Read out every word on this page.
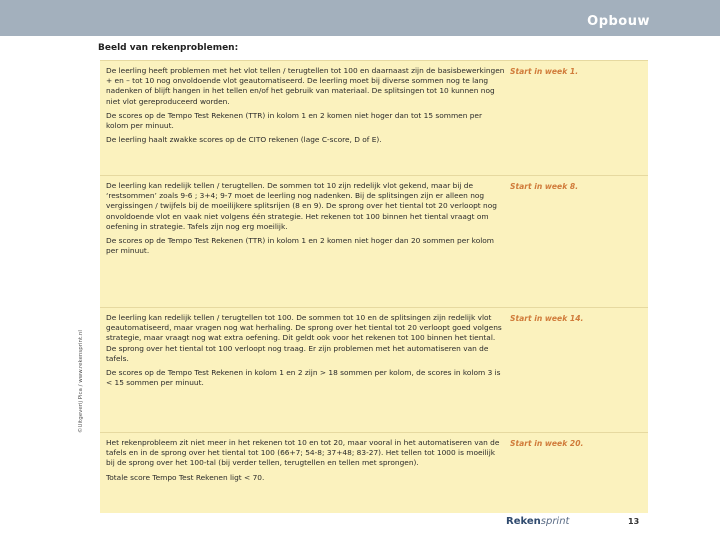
Opbouw
Beeld van rekenproblemen:

De leerling heeft problemen met het vlot tellen / terugtellen tot 100 en daarnaast zijn de basisbewerkingen + en – tot 10 nog onvoldoende vlot geautomatiseerd. De leerling moet bij diverse sommen nog te lang nadenken of blijft hangen in het tellen en/of het gebruik van materiaal. De splitsingen tot 10 kunnen nog niet vlot gereproduceerd worden.

De scores op de Tempo Test Rekenen (TTR) in kolom 1 en 2 komen niet hoger dan tot 15 sommen per kolom per minuut.

De leerling haalt zwakke scores op de CITO rekenen (lage C-score, D of E).

Start in week 1.

De leerling kan redelijk tellen / terugtellen. De sommen tot 10 zijn redelijk vlot gekend, maar bij de ‘restsommen’ zoals 9-6 ; 3+4; 9-7 moet de leerling nog nadenken. Bij de splitsingen zijn er alleen nog vergissingen / twijfels bij de moeilijkere splitsrijen (8 en 9). De sprong over het tiental tot 20 verloopt nog onvoldoende vlot en vaak niet volgens één strategie. Het rekenen tot 100 binnen het tiental vraagt om oefening in strategie. Tafels zijn nog erg moeilijk.

De scores op de Tempo Test Rekenen (TTR) in kolom 1 en 2 komen niet hoger dan 20 sommen per kolom per minuut.

Start in week 8.

De leerling kan redelijk tellen / terugtellen tot 100. De sommen tot 10 en de splitsingen zijn redelijk vlot geautomatiseerd, maar vragen nog wat herhaling. De sprong over het tiental tot 20 verloopt goed volgens strategie, maar vraagt nog wat extra oefening. Dit geldt ook voor het rekenen tot 100 binnen het tiental. De sprong over het tiental tot 100 verloopt nog traag. Er zijn problemen met het automatiseren van de tafels.

De scores op de Tempo Test Rekenen in kolom 1 en 2 zijn > 18 sommen per kolom, de scores in kolom 3 is < 15 sommen per minuut.

Start in week 14.

Het rekenprobleem zit niet meer in het rekenen tot 10 en tot 20, maar vooral in het automatiseren van de tafels en in de sprong over het tiental tot 100 (66+7; 54-8; 37+48; 83-27). Het tellen tot 1000 is moeilijk bij de sprong over het 100-tal (bij verder tellen, terugtellen en tellen met sprongen).

Totale score Tempo Test Rekenen ligt < 70.

Start in week 20.
©Uitgeverij Pica / www.rekensprint.nl
Rekensprint	13
